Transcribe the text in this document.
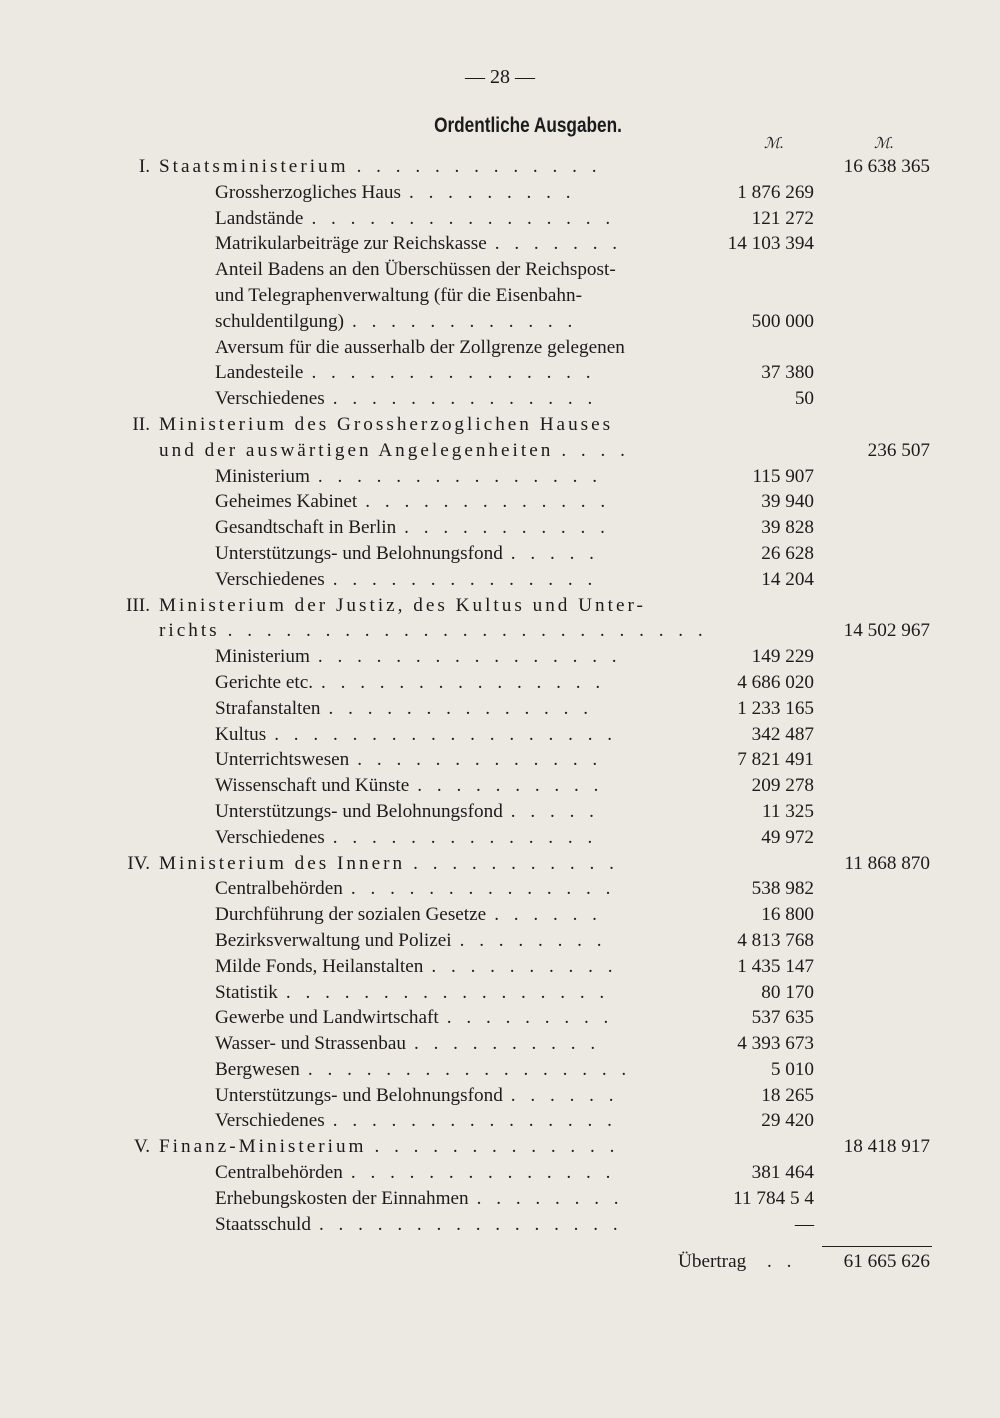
— 28 —
Ordentliche Ausgaben.
ℳ.	ℳ.
I. Staatsministerium . . . . . . . . . . . . .	16 638 365
Grossherzogliches Haus . . . . . . . . .	1 876 269
Landstände . . . . . . . . . . . . . . . .	121 272
Matrikularbeiträge zur Reichskasse . . . . . . .	14 103 394
Anteil Badens an den Überschüssen der Reichspost-
und Telegraphenverwaltung (für die Eisenbahn-
schuldentilgung) . . . . . . . . . . . .	500 000
Aversum für die ausserhalb der Zollgrenze gelegenen
Landesteile . . . . . . . . . . . . . . .	37 380
Verschiedenes . . . . . . . . . . . . . .	50
II. Ministerium des Grossherzoglichen Hauses
und der auswärtigen Angelegenheiten . . . .	236 507
Ministerium . . . . . . . . . . . . . . .	115 907
Geheimes Kabinet . . . . . . . . . . . . .	39 940
Gesandtschaft in Berlin . . . . . . . . . . .	39 828
Unterstützungs- und Belohnungsfond . . . . .	26 628
Verschiedenes . . . . . . . . . . . . . .	14 204
III. Ministerium der Justiz, des Kultus und Unter-
richts . . . . . . . . . . . . . . . . . . . . . . . . .	14 502 967
Ministerium . . . . . . . . . . . . . . . .	149 229
Gerichte etc. . . . . . . . . . . . . . . .	4 686 020
Strafanstalten . . . . . . . . . . . . . .	1 233 165
Kultus . . . . . . . . . . . . . . . . . .	342 487
Unterrichtswesen . . . . . . . . . . . . .	7 821 491
Wissenschaft und Künste . . . . . . . . . .	209 278
Unterstützungs- und Belohnungsfond . . . . .	11 325
Verschiedenes . . . . . . . . . . . . . .	49 972
IV. Ministerium des Innern . . . . . . . . . . .	11 868 870
Centralbehörden . . . . . . . . . . . . . .	538 982
Durchführung der sozialen Gesetze . . . . . .	16 800
Bezirksverwaltung und Polizei . . . . . . . .	4 813 768
Milde Fonds, Heilanstalten . . . . . . . . . .	1 435 147
Statistik . . . . . . . . . . . . . . . . .	80 170
Gewerbe und Landwirtschaft . . . . . . . . .	537 635
Wasser- und Strassenbau . . . . . . . . . .	4 393 673
Bergwesen . . . . . . . . . . . . . . . . .	5 010
Unterstützungs- und Belohnungsfond . . . . . .	18 265
Verschiedenes . . . . . . . . . . . . . . .	29 420
V. Finanz-Ministerium . . . . . . . . . . . . .	18 418 917
Centralbehörden . . . . . . . . . . . . . .	381 464
Erhebungskosten der Einnahmen . . . . . . . .	11 784 5 4
Staatsschuld . . . . . . . . . . . . . . . .	—
Übertrag . . 61 665 626
